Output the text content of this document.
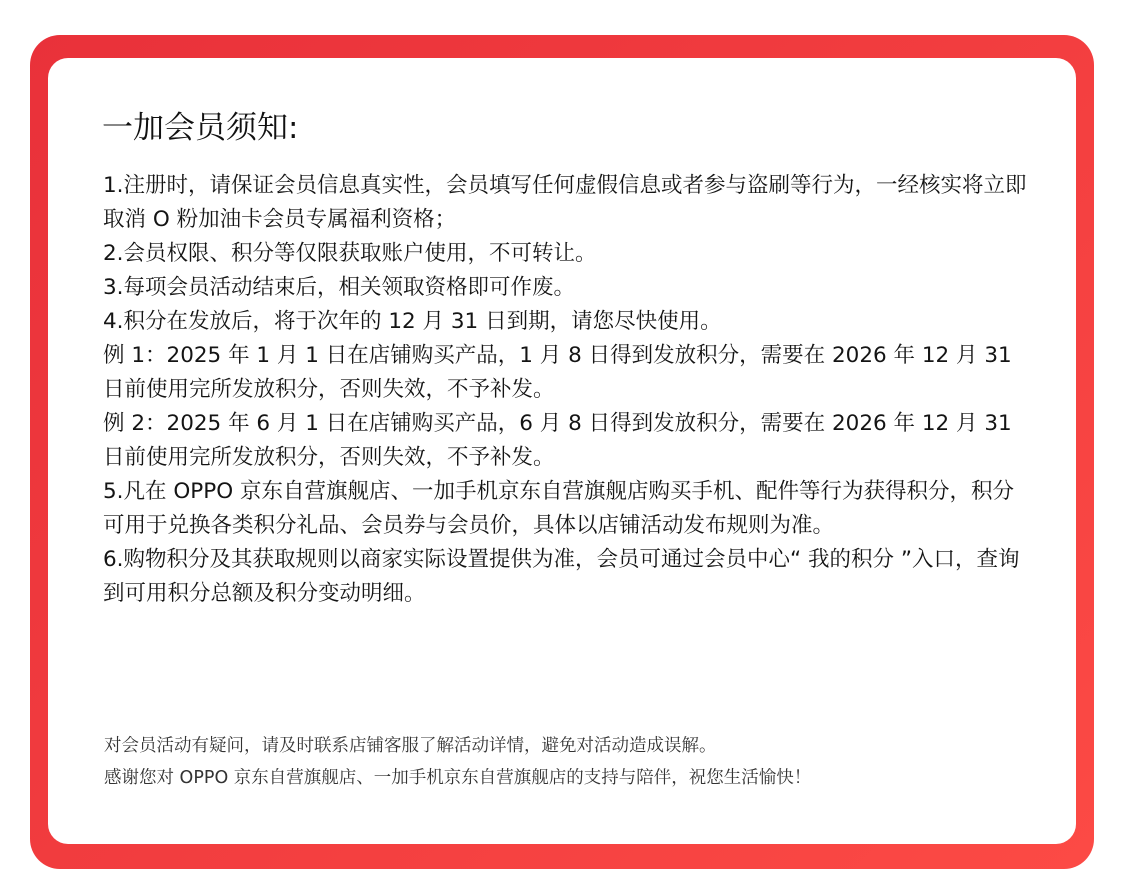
一加会员须知:
1.注册时，请保证会员信息真实性，会员填写任何虚假信息或者参与盗刷等行为，一经核实将立即取消 O 粉加油卡会员专属福利资格；
2.会员权限、积分等仅限获取账户使用，不可转让。
3.每项会员活动结束后，相关领取资格即可作废。
4.积分在发放后，将于次年的 12 月 31 日到期，请您尽快使用。
例 1：2025 年 1 月 1 日在店铺购买产品，1 月 8 日得到发放积分，需要在 2026 年 12 月 31 日前使用完所发放积分，否则失效，不予补发。
例 2：2025 年 6 月 1 日在店铺购买产品，6 月 8 日得到发放积分，需要在 2026 年 12 月 31 日前使用完所发放积分，否则失效，不予补发。
5.凡在 OPPO 京东自营旗舰店、一加手机京东自营旗舰店购买手机、配件等行为获得积分，积分可用于兑换各类积分礼品、会员券与会员价，具体以店铺活动发布规则为准。
6.购物积分及其获取规则以商家实际设置提供为准，会员可通过会员中心“ 我的积分 ”入口，查询到可用积分总额及积分变动明细。

对会员活动有疑问，请及时联系店铺客服了解活动详情，避免对活动造成误解。

感谢您对 OPPO 京东自营旗舰店、一加手机京东自营旗舰店的支持与陪伴，祝您生活愉快！
